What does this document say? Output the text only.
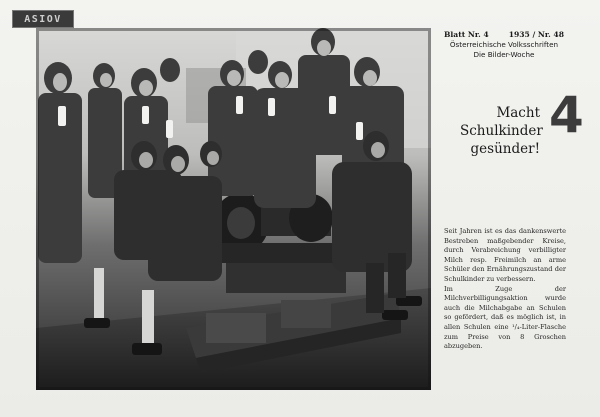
ASIOV
Blatt Nr. 4	1935 / Nr. 48
Österreichische Volksschriften
Die Bilder-Woche
Macht
Schulkinder
gesünder!
4

Seit Jahren ist es das dankenswerte Bestreben maßgebender Kreise, durch Verabreichung verbilligter Milch resp. Freimilch an arme Schüler den Ernährungszustand der Schulkinder zu verbessern.

Im Zuge der Milchverbilligungsaktion wurde auch die Milchabgabe an Schulen so gefördert, daß es möglich ist, in allen Schulen eine ¹/₄-Liter-Flasche zum Preise von 8 Groschen abzugeben.
